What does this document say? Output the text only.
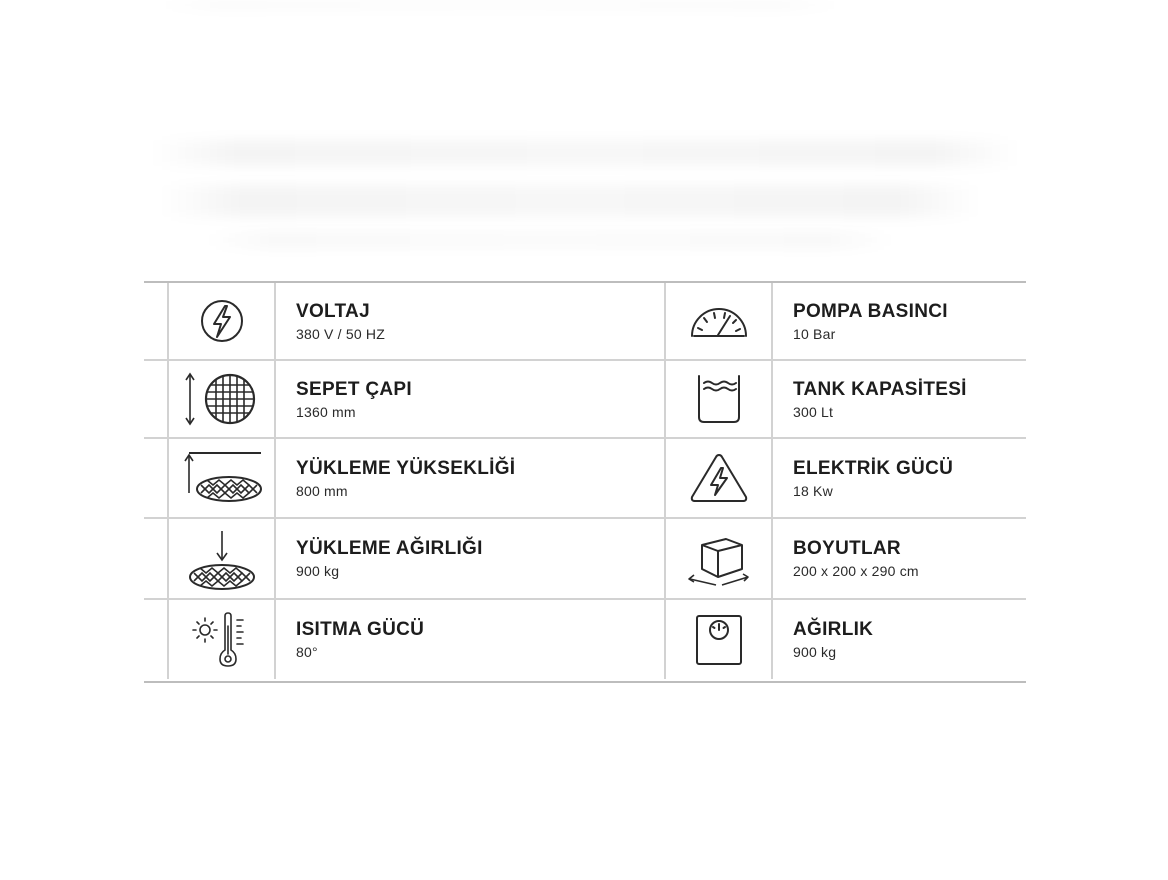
VOLTAJ
380 V / 50 HZ
POMPA BASINCI
10 Bar
SEPET ÇAPI
1360 mm
TANK KAPASİTESİ
300 Lt
YÜKLEME YÜKSEKLİĞİ
800 mm
ELEKTRİK GÜCÜ
18 Kw
YÜKLEME AĞIRLIĞI
900 kg
BOYUTLAR
200 x 200 x 290 cm
ISITMA GÜCÜ
80°
AĞIRLIK
900 kg
